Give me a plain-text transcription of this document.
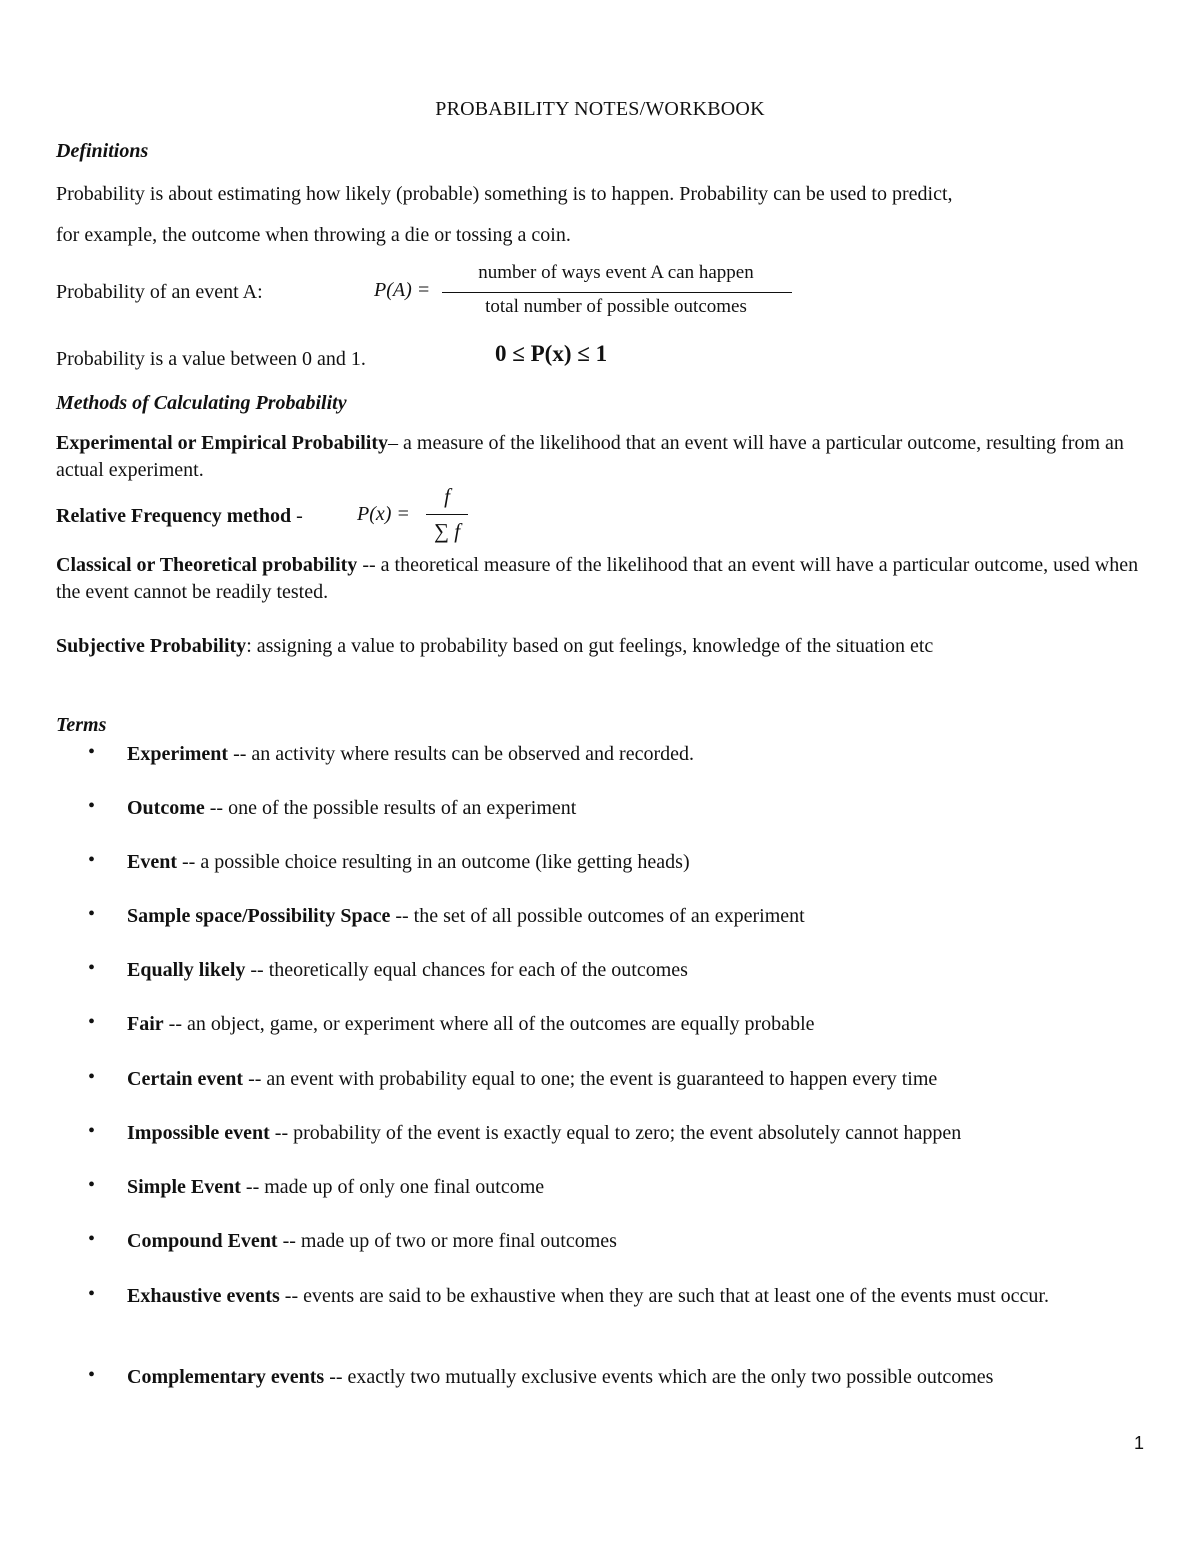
PROBABILITY NOTES/WORKBOOK
Definitions
Probability is about estimating how likely (probable) something is to happen. Probability can be used to predict,
for example, the outcome when throwing a die or tossing a coin.
Probability of an event A:	P(A) =
number of ways event A can happen
total number of possible outcomes
Probability is a value between 0 and 1.	0 ≤ P(x) ≤ 1
Methods of Calculating Probability
Experimental or Empirical Probability– a measure of the likelihood that an event will have a particular outcome, resulting from an actual experiment.
Relative Frequency method -	P(x) =
f
∑ f
Classical or Theoretical probability -- a theoretical measure of the likelihood that an event will have a particular outcome, used when the event cannot be readily tested.
Subjective Probability: assigning a value to probability based on gut feelings, knowledge of the situation etc
Terms
• Experiment -- an activity where results can be observed and recorded.
• Outcome -- one of the possible results of an experiment
• Event -- a possible choice resulting in an outcome (like getting heads)
• Sample space/Possibility Space -- the set of all possible outcomes of an experiment
• Equally likely -- theoretically equal chances for each of the outcomes
• Fair -- an object, game, or experiment where all of the outcomes are equally probable
• Certain event -- an event with probability equal to one; the event is guaranteed to happen every time
• Impossible event -- probability of the event is exactly equal to zero; the event absolutely cannot happen
• Simple Event -- made up of only one final outcome
• Compound Event -- made up of two or more final outcomes
• Exhaustive events -- events are said to be exhaustive when they are such that at least one of the events must occur.
• Complementary events -- exactly two mutually exclusive events which are the only two possible outcomes
1
